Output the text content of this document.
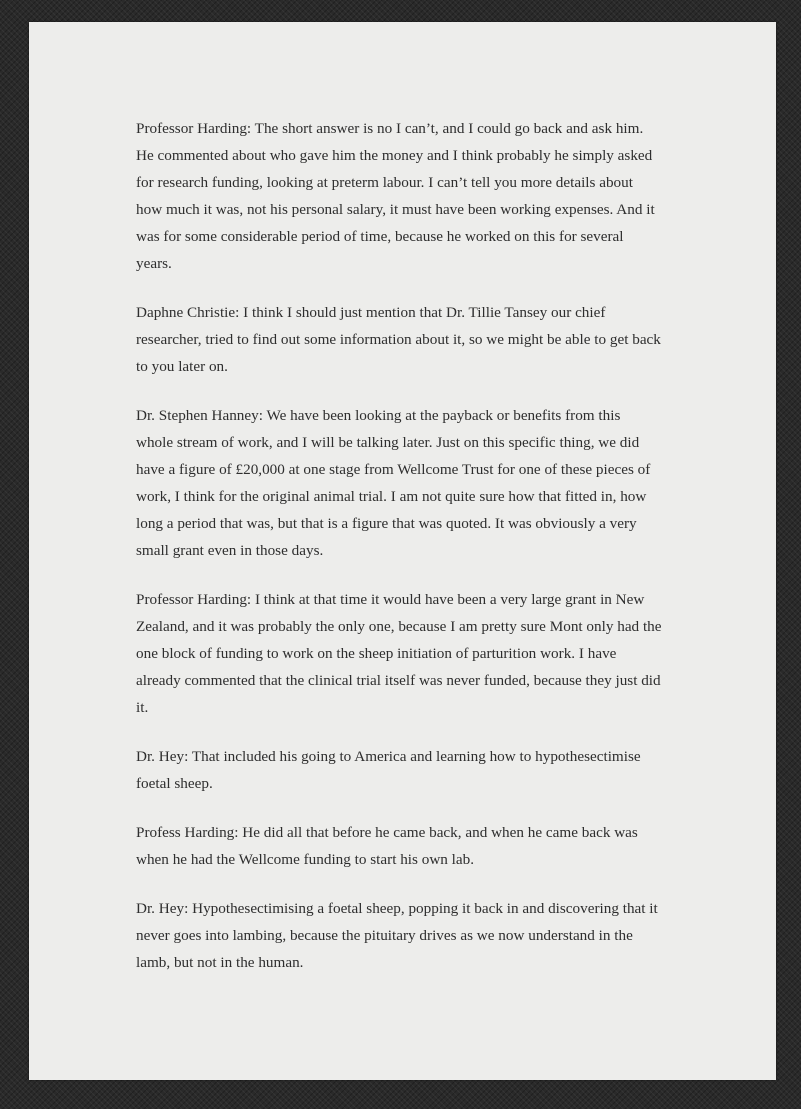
Professor Harding: The short answer is no I can’t, and I could go back and ask him.
He commented about who gave him the money and I think probably he simply asked
for research funding, looking at preterm labour. I can’t tell you more details about
how much it was, not his personal salary, it must have been working expenses. And it
was for some considerable period of time, because he worked on this for several
years.

Daphne Christie: I think I should just mention that Dr. Tillie Tansey our chief
researcher, tried to find out some information about it, so we might be able to get back
to you later on.

Dr. Stephen Hanney: We have been looking at the payback or benefits from this
whole stream of work, and I will be talking later. Just on this specific thing, we did
have a figure of £20,000 at one stage from Wellcome Trust for one of these pieces of
work, I think for the original animal trial. I am not quite sure how that fitted in, how
long a period that was, but that is a figure that was quoted. It was obviously a very
small grant even in those days.

Professor Harding: I think at that time it would have been a very large grant in New
Zealand, and it was probably the only one, because I am pretty sure Mont only had the
one block of funding to work on the sheep initiation of parturition work. I have
already commented that the clinical trial itself was never funded, because they just did
it.

Dr. Hey: That included his going to America and learning how to hypothesectimise
foetal sheep.

Profess Harding: He did all that before he came back, and when he came back was
when he had the Wellcome funding to start his own lab.

Dr. Hey: Hypothesectimising a foetal sheep, popping it back in and discovering that it
never goes into lambing, because the pituitary drives as we now understand in the
lamb, but not in the human.
